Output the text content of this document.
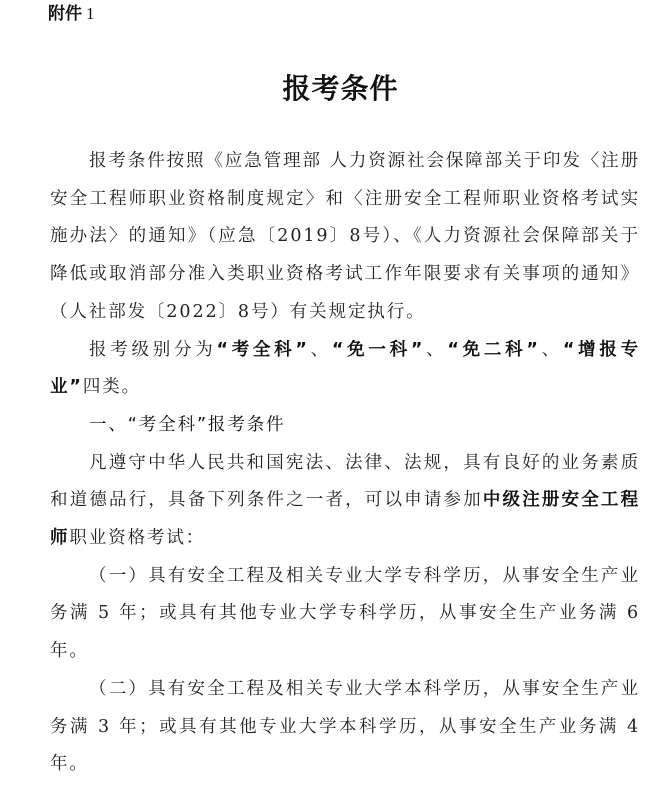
附件 1
报考条件

报考条件按照《应急管理部 人力资源社会保障部关于印发〈注册安全工程师职业资格制度规定〉和〈注册安全工程师职业资格考试实施办法〉的通知》（应急〔2019〕8号）、《人力资源社会保障部关于降低或取消部分准入类职业资格考试工作年限要求有关事项的通知》（人社部发〔2022〕8号）有关规定执行。

报考级别分为“考全科”、“免一科”、“免二科”、“增报专业”四类。

一、“考全科”报考条件

凡遵守中华人民共和国宪法、法律、法规，具有良好的业务素质和道德品行，具备下列条件之一者，可以申请参加中级注册安全工程师职业资格考试：

（一）具有安全工程及相关专业大学专科学历，从事安全生产业务满 5 年；或具有其他专业大学专科学历，从事安全生产业务满 6 年。

（二）具有安全工程及相关专业大学本科学历，从事安全生产业务满 3 年；或具有其他专业大学本科学历，从事安全生产业务满 4 年。
